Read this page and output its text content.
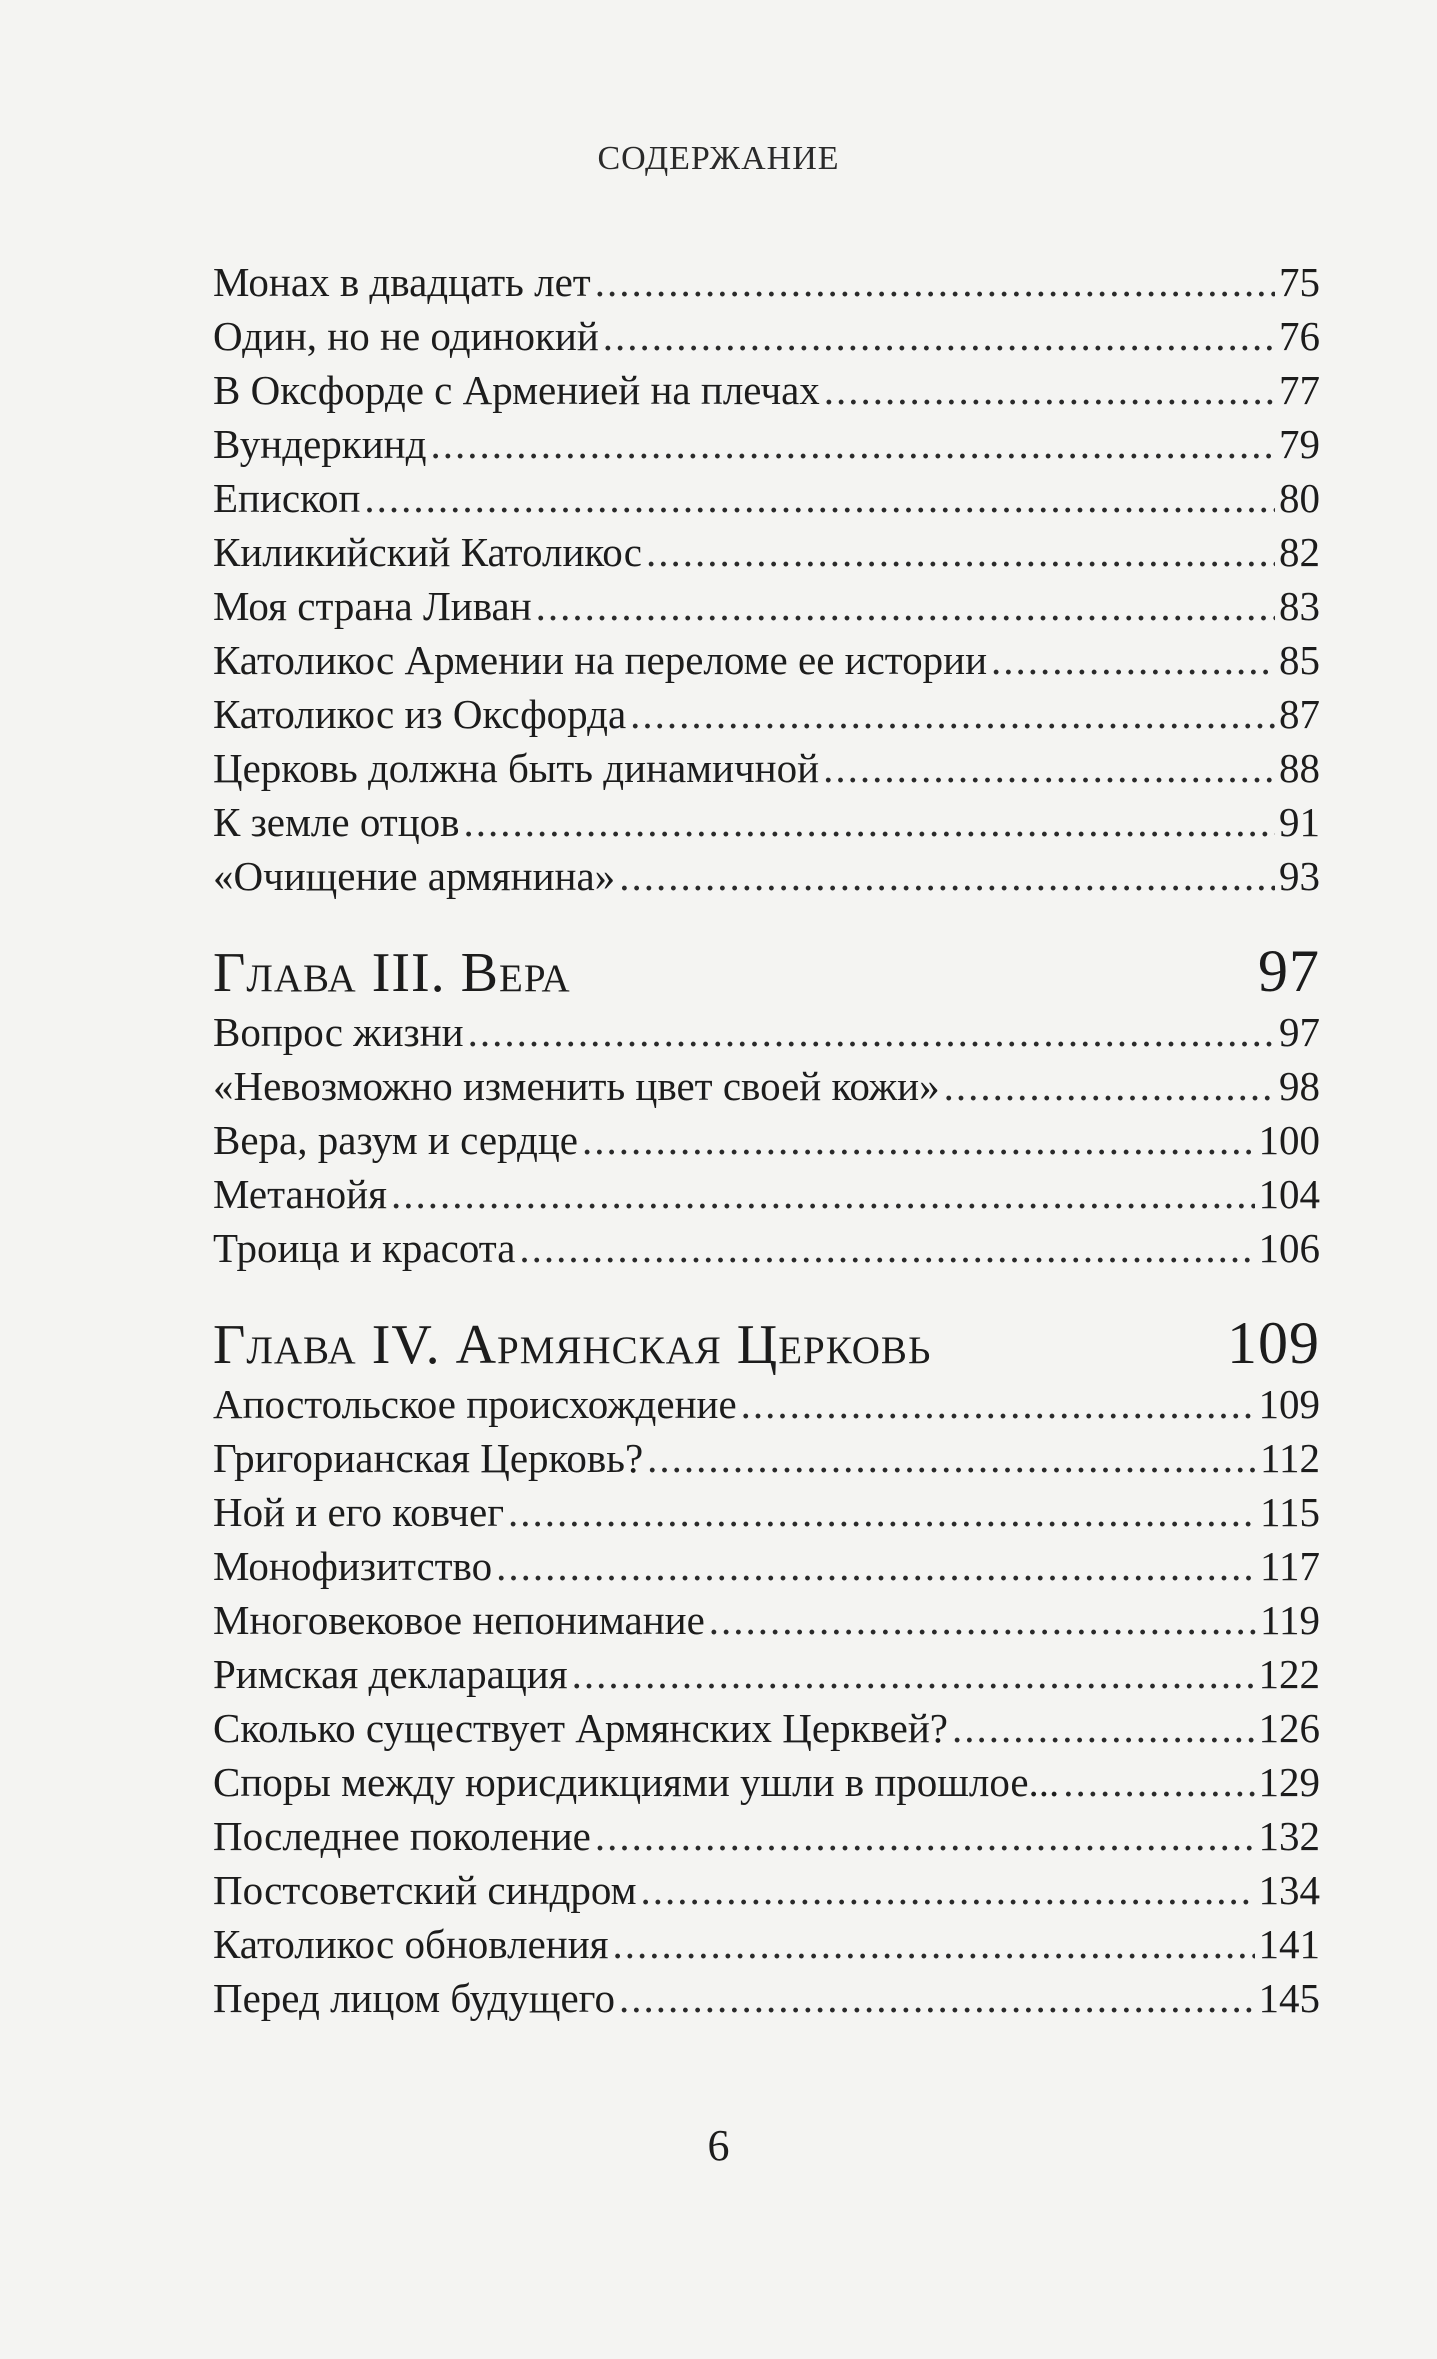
СОДЕРЖАНИЕ
Монах в двадцать лет .....	75
Один, но не одинокий .....	76
В Оксфорде с Арменией на плечах .....	77
Вундеркинд .....	79
Епископ .....	80
Киликийский Католикос .....	82
Моя страна Ливан .....	83
Католикос Армении на переломе ее истории .....	85
Католикос из Оксфорда .....	87
Церковь должна быть динамичной .....	88
К земле отцов .....	91
«Очищение армянина» .....	93
Глава III. Вера	97
Вопрос жизни .....	97
«Невозможно изменить цвет своей кожи» .....	98
Вера, разум и сердце .....	100
Метанойя .....	104
Троица и красота .....	106
Глава IV. Армянская Церковь	109
Апостольское происхождение .....	109
Григорианская Церковь? .....	112
Ной и его ковчег .....	115
Монофизитство .....	117
Многовековое непонимание .....	119
Римская декларация .....	122
Сколько существует Армянских Церквей? .....	126
Споры между юрисдикциями ушли в прошлое... .....	129
Последнее поколение .....	132
Постсоветский синдром .....	134
Католикос обновления .....	141
Перед лицом будущего .....	145
6
